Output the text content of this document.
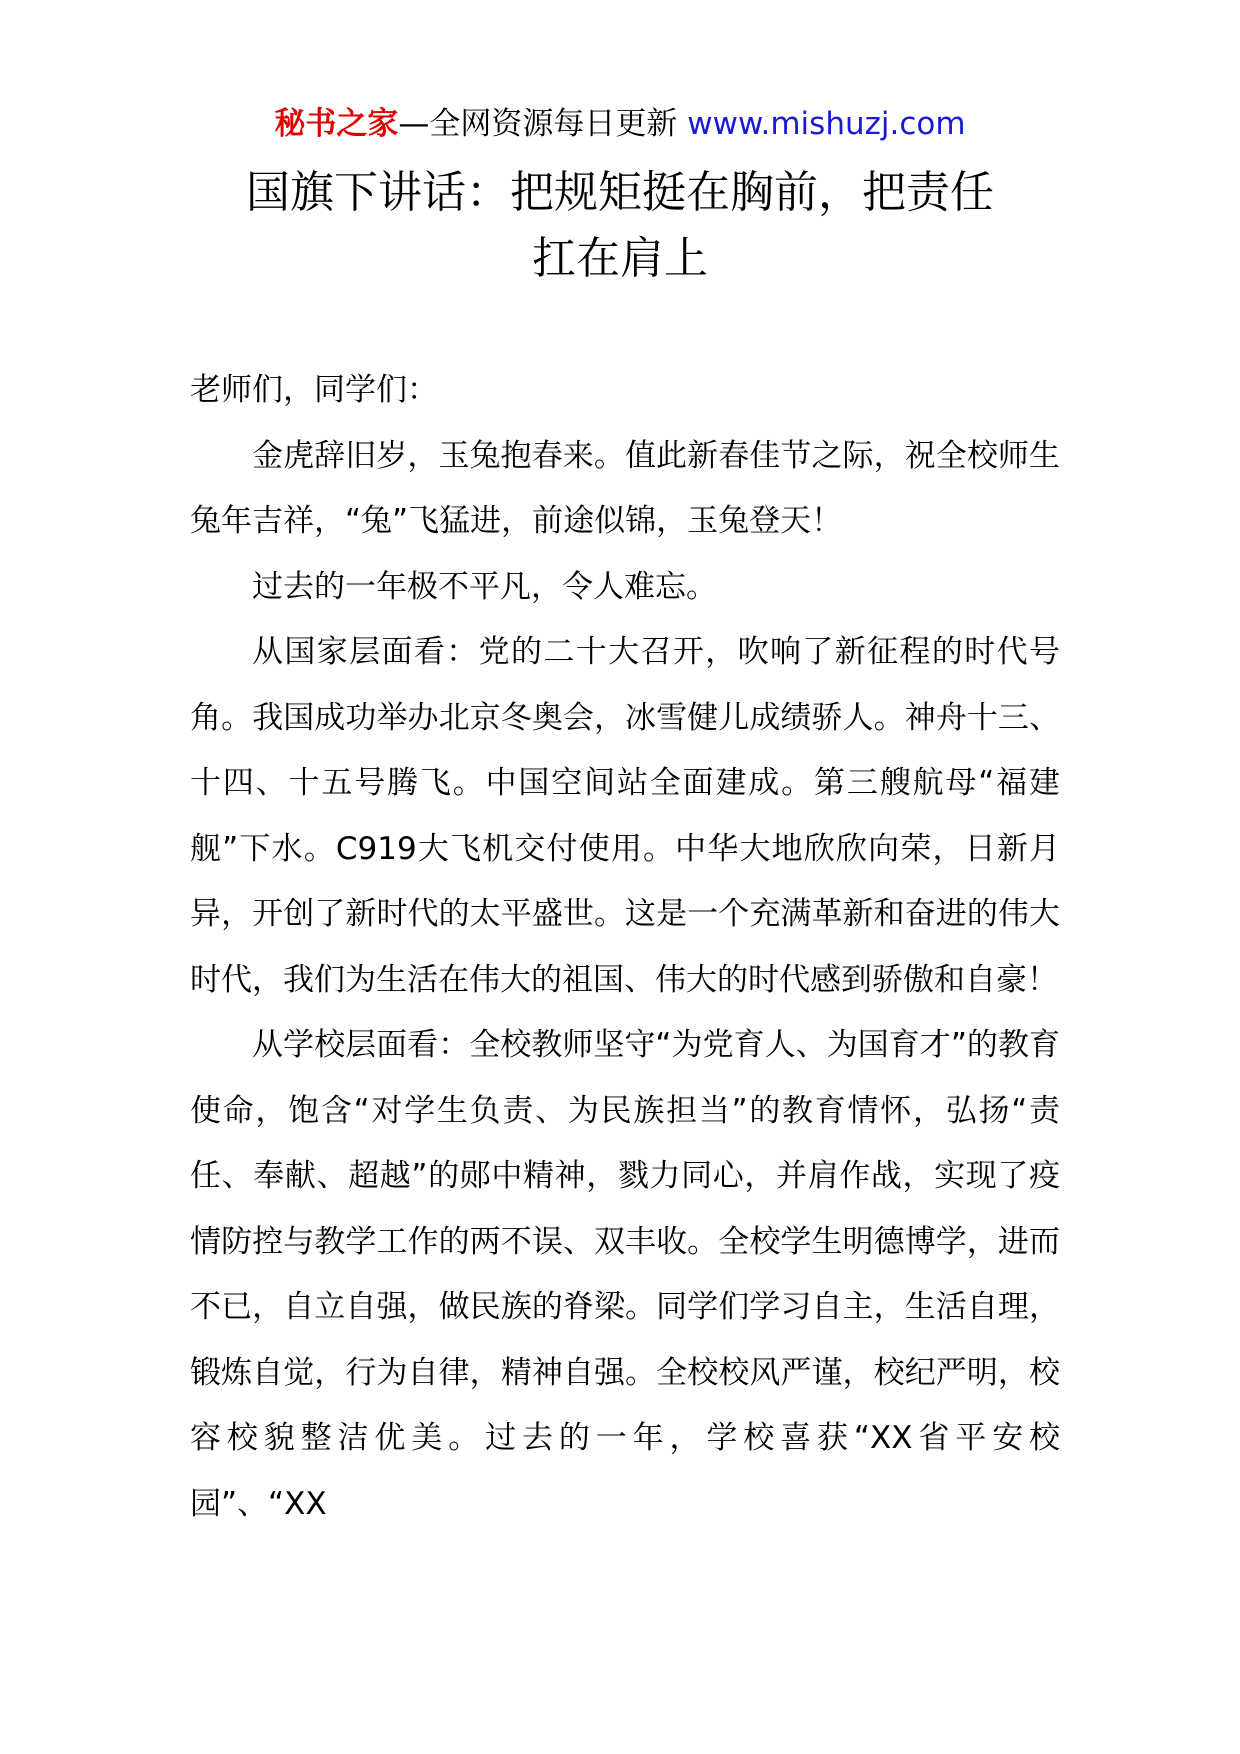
秘书之家—全网资源每日更新 www.mishuzj.com
国旗下讲话：把规矩挺在胸前，把责任
扛在肩上

老师们，同学们：

金虎辞旧岁，玉兔抱春来。值此新春佳节之际，祝全校师生兔年吉祥，“兔”飞猛进，前途似锦，玉兔登天！

过去的一年极不平凡，令人难忘。

从国家层面看：党的二十大召开，吹响了新征程的时代号角。我国成功举办北京冬奥会，冰雪健儿成绩骄人。神舟十三、十四、十五号腾飞。中国空间站全面建成。第三艘航母“福建舰”下水。C919大飞机交付使用。中华大地欣欣向荣，日新月异，开创了新时代的太平盛世。这是一个充满革新和奋进的伟大时代，我们为生活在伟大的祖国、伟大的时代感到骄傲和自豪！

从学校层面看：全校教师坚守“为党育人、为国育才”的教育使命，饱含“对学生负责、为民族担当”的教育情怀，弘扬“责任、奉献、超越”的郧中精神，戮力同心，并肩作战，实现了疫情防控与教学工作的两不误、双丰收。全校学生明德博学，进而不已，自立自强，做民族的脊梁。同学们学习自主，生活自理，锻炼自觉，行为自律，精神自强。全校校风严谨，校纪严明，校容校貌整洁优美。过去的一年，学校喜获“XX省平安校园”、“XX
